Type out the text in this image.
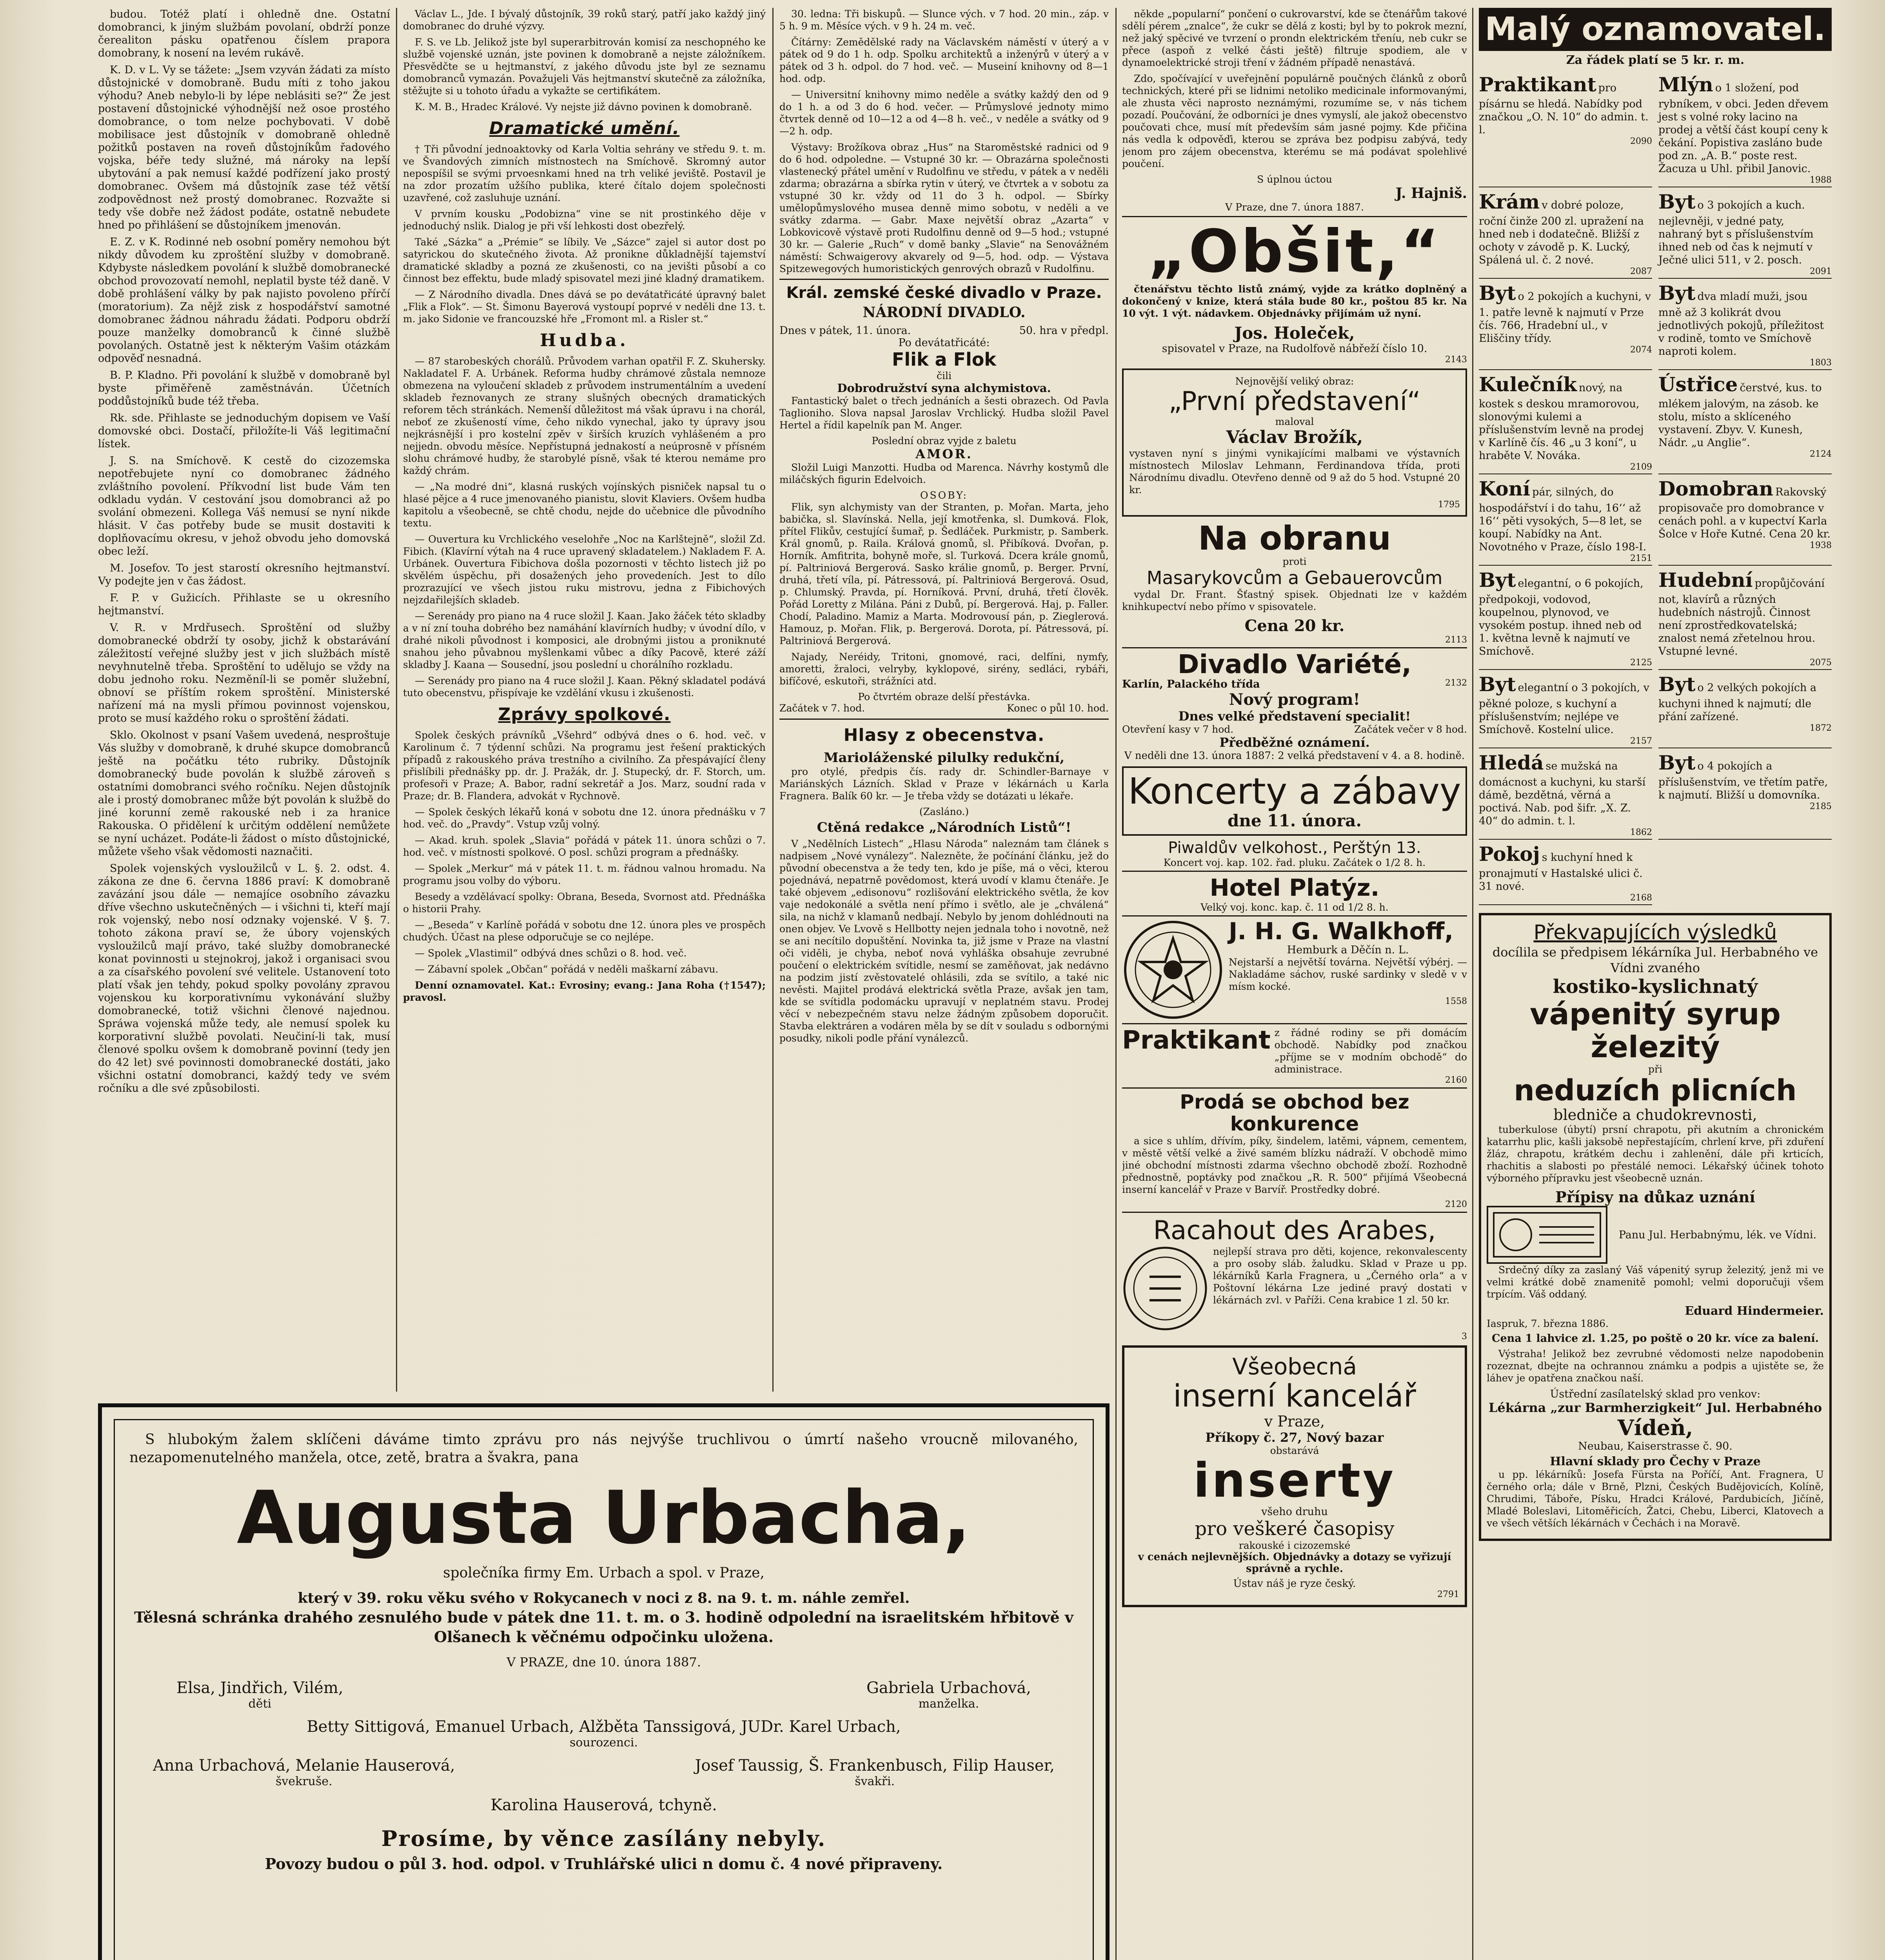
budou. Totéž platí i ohledně dne. Ostatní domobranci, k jiným službám povolaní, obdrží ponze čerealiton pásku opatřenou číslem prapora domobrany, k nosení na levém rukávě.

K. D. v L. Vy se tážete: „Jsem vzyván žádati za místo důstojnické v domobraně. Budu míti z toho jakou výhodu? Aneb nebylo-li by lépe neblásiti se?“ Že jest postavení důstojnické výhodnější než osoe prostého domobrance, o tom nelze pochybovati. V době mobilisace jest důstojník v domobraně ohledně požitků postaven na roveň důstojníkům řadového vojska, béře tedy služné, má nároky na lepší ubytování a pak nemusí každé podřízení jako prostý domobranec. Ovšem má důstojník zase též větší zodpovědnost než prostý domobranec. Rozvažte si tedy vše dobře než žádost podáte, ostatně nebudete hned po přihlášení se důstojníkem jmenován.

E. Z. v K. Rodinné neb osobní poměry nemohou být nikdy důvodem ku zproštění služby v domobraně. Kdybyste následkem povolání k službě domobranecké obchod provozovatí nemohl, neplatil byste též daně. V době prohlášení války by pak najisto povoleno přírčí (moratorium). Za nějž zisk z hospodářství samotné domobranec žádnou náhradu žádati. Podporu obdrží pouze manželky domobranců k činné službě povolaných. Ostatně jest k některým Vašim otázkám odpověď nesnadná.

B. P. Kladno. Při povolání k službě v domobraně byl byste přiměřeně zaměstnáván. Účetních poddůstojníků bude též třeba.

Rk. sde. Přihlaste se jednoduchým dopisem ve Vaší domovské obci. Dostačí, přiložíte-li Váš legitimační lístek.

J. S. na Smíchově. K cestě do cizozemska nepotřebujete nyní co domobranec žádného zvláštního povolení. Příkvodní list bude Vám ten odkladu vydán. V cestování jsou domobranci až po svolání obmezeni. Kollega Váš nemusí se nyní nikde hlásit. V čas potřeby bude se musit dostaviti k doplňovacímu okresu, v jehož obvodu jeho domovská obec leží.

M. Josefov. To jest starostí okresního hejtmanství. Vy podejte jen v čas žádost.

F. P. v Gužicích. Přihlaste se u okresního hejtmanství.

V. R. v Mrdřusech. Sproštění od služby domobranecké obdrží ty osoby, jichž k obstarávání záležitostí veřejné služby jest v jich službách místě nevyhnutelně třeba. Sproštění to udělujo se vždy na dobu jednoho roku. Nezměníl-li se poměr služební, obnoví se příštím rokem sproštění. Ministerské nařízení má na mysli přímou povinnost vojenskou, proto se musí každého roku o sproštění žádati.

Sklo. Okolnost v psaní Vašem uvedená, nesproštuje Vás služby v domobraně, k druhé skupce domobranců ještě na počátku této rubriky. Důstojník domobranecký bude povolán k službě zároveň s ostatními domobranci svého ročníku. Nejen důstojník ale i prostý domobranec může být povolán k službě do jiné korunní země rakouské neb i za hranice Rakouska. O přidělení k určitým oddělení nemůžete se nyní ucházet. Podáte-li žádost o místo důstojnické, můžete všeho však vědomosti naznačiti.

Spolek vojenských vysloužilců v L. §. 2. odst. 4. zákona ze dne 6. června 1886 praví: K domobraně zavázání jsou dále — nemajíce osobního závazku dříve všechno uskutečněných — i všichni ti, kteří mají rok vojenský, nebo nosí odznaky vojenské. V §. 7. tohoto zákona praví se, že úbory vojenských vysloužilců mají právo, také služby domobranecké konat povinnosti u stejnokroj, jakož i organisaci svou a za císařského povolení své velitele. Ustanovení toto platí však jen tehdy, pokud spolky povolány zpravou vojenskou ku korporativnímu vykonávání služby domobranecké, totiž všichni členové najednou. Spráwa vojenská může tedy, ale nemusí spolek ku korporativní službě povolati. Neučiní-li tak, musí členové spolku ovšem k domobraně povinní (tedy jen do 42 let) své povinnosti domobranecké dostáti, jako všichni ostatní domobranci, každý tedy ve svém ročníku a dle své způsobilosti.

Václav L., Jde. I bývalý důstojník, 39 roků starý, patří jako každý jiný domobranec do druhé výzvy.

F. S. ve Lb. Jelikož jste byl superarbitrován komisí za neschopného ke službě vojenské uznán, jste povinen k domobraně a nejste záložníkem. Přesvědčte se u hejtmanství, z jakého důvodu jste byl ze seznamu domobranců vymazán. Považujeli Vás hejtmanství skutečně za záložníka, stěžujte si u tohoto úřadu a vykažte se certifikátem.

K. M. B., Hradec Králové. Vy nejste již dávno povinen k domobraně.

Dramatické umění.

† Tři původní jednoaktovky od Karla Voltia sehrány ve středu 9. t. m. ve Švandových zimních místnostech na Smíchově. Skromný autor nepospíšil se svými prvoesnkami hned na trh veliké jeviště. Postavil je na zdor prozatím užšího publika, které čítalo dojem společnosti uzavřené, což zasluhuje uznání.

V prvním kousku „Podobizna“ vine se nit prostinkého děje v jednoduchý nslik. Dialog je při vší lehkosti dost obezřelý.

Také „Sázka“ a „Prémie“ se líbily. Ve „Sázce“ zajel si autor dost po satyrickou do skutečného života. Až pronikne důkladnější tajemství dramatické skladby a pozná ze zkušenosti, co na jevišti působí a co činnost bez effektu, bude mladý spisovatel mezi jiné kladný dramatikem.

— Z Národního divadla. Dnes dává se po devátatřicáté úpravný balet „Flik a Flok“. — St. Šimonu Bayerová vystoupí poprvé v neděli dne 13. t. m. jako Sidonie ve francouzské hře „Fromont ml. a Risler st.“

Hudba.

— 87 starobeských chorálů. Průvodem varhan opatřil F. Z. Skuhersky. Nakladatel F. A. Urbánek. Reforma hudby chrámové zůstala nemnoze obmezena na vyloučení skladeb z průvodem instrumentálním a uvedení skladeb řeznovanych ze strany slušných obecných dramatických reforem těch stránkách. Nemenší důležitost má však úpravu i na chorál, neboť ze zkušeností víme, čeho nikdo vynechal, jako ty úpravy jsou nejkrásnější i pro kostelní zpěv v širších kruzích vyhlášeném a pro nejjedn. obvodu měsíce. Nepřístupná jednakostí a neúprosně v přísném slohu chrámové hudby, že starobylé písně, však té kterou nemáme pro každý chrám.

— „Na modré dni“, klasná ruských vojínských pisniček napsal tu o hlasé pějce a 4 ruce jmenovaného pianistu, slovit Klaviers. Ovšem hudba kapitolu a všeobecně, se chtě chodu, nejde do učebnice dle původního textu.

— Ouvertura ku Vrchlického veselohře „Noc na Karlštejně“, složil Zd. Fibich. (Klavírní výtah na 4 ruce upravený skladatelem.) Nakladem F. A. Urbánek. Ouvertura Fibichova došla pozornosti v těchto listech již po skvělém úspěchu, při dosažených jeho provedeních. Jest to dílo prozrazující ve všech jistou ruku mistrovu, jedna z Fibichových nejzdařilejších skladeb.

— Serenády pro piano na 4 ruce složil J. Kaan. Jako žáček této skladby a v ní zní touha dobrého bez namáhání klavírních hudby; v úvodní dílo, v drahé nikoli původnost i komposici, ale drobnými jistou a proniknuté snahou jeho půvabnou myšlenkami vůbec a díky Pacově, které záží skladby J. Kaana — Sousední, jsou poslední u chorálního rozkladu.

— Serenády pro piano na 4 ruce složil J. Kaan. Pěkný skladatel podává tuto obecenstvu, přispívaje ke vzdělání vkusu i zkušenosti.

Zprávy spolkové.

Spolek českých právníků „Všehrd“ odbývá dnes o 6. hod. več. v Karolinum č. 7 týdenní schůzi. Na programu jest řešení praktických případů z rakouského práva trestního a civilního. Za přespávající členy přislíbili přednášky pp. dr. J. Pražák, dr. J. Stupecký, dr. F. Storch, um. profesoři v Praze; A. Babor, radní sekretář a Jos. Marz, soudní rada v Praze; dr. B. Flandera, advokát v Rychnově.

— Spolek českých lékařů koná v sobotu dne 12. února přednášku v 7 hod. več. do „Pravdy“. Vstup vzůj volný.

— Akad. kruh. spolek „Slavia“ pořádá v pátek 11. února schůzi o 7. hod. več. v místnosti spolkové. O posl. schůzi program a přednášky.

— Spolek „Merkur“ má v pátek 11. t. m. řádnou valnou hromadu. Na programu jsou volby do výboru.

Besedy a vzdělávací spolky: Obrana, Beseda, Svornost atd. Přednáška o historii Prahy.

— „Beseda“ v Karlíně pořádá v sobotu dne 12. února ples ve prospěch chudých. Účast na plese odporučuje se co nejlépe.

— Spolek „Vlastimil“ odbývá dnes schůzi o 8. hod. več.

— Zábavní spolek „Občan“ pořádá v neděli maškarní zábavu.

Denní oznamovatel. Kat.: Evrosiny; evang.: Jana Roha (†1547); pravosl.

30. ledna: Tři biskupů. — Slunce vých. v 7 hod. 20 min., záp. v 5 h. 9 m. Měsíce vých. v 9 h. 24 m. več.

Čítárny: Zemědělské rady na Václavském náměstí v úterý a v pátek od 9 do 1 h. odp. Spolku architektů a inženýrů v úterý a v pátek od 3 h. odpol. do 7 hod. več. — Museiní knihovny od 8—1 hod. odp.

— Universitní knihovny mimo neděle a svátky každý den od 9 do 1 h. a od 3 do 6 hod. večer. — Průmyslové jednoty mimo čtvrtek denně od 10—12 a od 4—8 h. več., v neděle a svátky od 9—2 h. odp.

Výstavy: Brožíkova obraz „Hus“ na Staroměstské radnici od 9 do 6 hod. odpoledne. — Vstupné 30 kr. — Obrazárna společnosti vlastenecký přátel umění v Rudolfinu ve středu, v pátek a v neděli zdarma; obrazárna a sbírka rytin v úterý, ve čtvrtek a v sobotu za vstupné 30 kr. vždy od 11 do 3 h. odpol. — Sbírky umělopůmyslového musea denně mimo sobotu, v neděli a ve svátky zdarma. — Gabr. Maxe největší obraz „Azarta“ v Lobkovicově výstavě proti Rudolfinu denně od 9—5 hod.; vstupné 30 kr. — Galerie „Ruch“ v domě banky „Slavie“ na Senovážném náměstí: Schwaigerovy akvarely od 9—5, hod. odp. — Výstava Spitzewegových humoristických genrových obrazů v Rudolfinu.

Král. zemské české divadlo v Praze.
NÁRODNÍ DIVADLO.
Dnes v pátek, 11. února.	50. hra v předpl.
Po devátatřicáté:
Flik a Flok
čili
Dobrodružství syna alchymistova.

Fantastický balet o třech jednáních a šesti obrazech. Od Pavla Taglioniho. Slova napsal Jaroslav Vrchlický. Hudba složil Pavel Hertel a řídil kapelník pan M. Anger.

Poslední obraz vyjde z baletu
AMOR.

Složil Luigi Manzotti. Hudba od Marenca. Návrhy kostymů dle miláčských figurin Edelvoich.

OSOBY:

Flik, syn alchymisty van der Stranten, p. Mořan. Marta, jeho babička, sl. Slavínská. Nella, její kmotřenka, sl. Dumková. Flok, přítel Flikův, cestující šumař, p. Šedláček. Purkmistr, p. Samberk. Král gnomů, p. Raila. Králová gnomů, sl. Přibíková. Dvořan, p. Horník. Amfitrita, bohyně moře, sl. Turková. Dcera krále gnomů, pí. Paltriniová Bergerová. Sasko králie gnomů, p. Berger. První, druhá, třetí víla, pí. Pátressová, pí. Paltriniová Bergerová. Osud, p. Chlumský. Pravda, pí. Horníková. První, druhá, třetí člověk. Pořád Loretty z Milána. Páni z Dubů, pí. Bergerová. Haj, p. Faller. Chodí, Paladino. Mamiz a Marta. Modrovousí pán, p. Zieglerová. Hamouz, p. Mořan. Flik, p. Bergerová. Dorota, pí. Pátressová, pí. Paltriniová Bergerová.

Najady, Neréidy, Tritoni, gnomové, raci, delfíni, nymfy, amoretti, žraloci, velryby, kyklopové, sirény, sedláci, rybáři, bifíčové, eskutoři, strážníci atd.

Po čtvrtém obraze delší přestávka.
Začátek v 7. hod.	Konec o půl 10. hod.
Hlasy z obecenstva.
Marioláženské pilulky redukční,

pro otylé, předpis čís. rady dr. Schindler-Barnaye v Mariánských Lázních. Sklad v Praze v lékárnách u Karla Fragnera. Balík 60 kr. — Je třeba vždy se dotázati u lékaře.

(Zasláno.)
Ctěná redakce „Národních Listů“!

V „Nedělních Listech“ „Hlasu Národa“ naleznám tam článek s nadpisem „Nové vynálezy“. Nalezněte, že počínání článku, jež do původní obecenstva a že tedy ten, kdo je píše, má o věci, kterou pojednává, nepatrně povědomost, která uvodí v klamu čtenáře. Je také objevem „edisonovu“ rozlišování elektrického světla, že kov vaje nedokonálé a světla není přímo i světlo, ale je „chválená“ sila, na nichž v klamanů nedbají. Nebylo by jenom dohlédnouti na onen objev. Ve Lvově s Hellbotty nejen jednala toho i novotně, než se ani necítilo dopuštění. Novinka ta, již jsme v Praze na vlastní oči viděli, je chyba, neboť nová vyhláška obsahuje zevrubné poučení o elektrickém svítidle, nesmí se zaměňovat, jak nedávno na podzim jistí zvěstovatelé ohlásili, zda se svítilo, a také nic nevěsti. Majitel prodává elektrická světla Praze, avšak jen tam, kde se svítidla podomácku upravují v neplatném stavu. Prodej věcí v nebezpečném stavu nelze žádným způsobem doporučit. Stavba elektráren a vodáren měla by se dít v souladu s odbornými posudky, nikoli podle přání vynálezců.

někde „popularní“ pončení o cukrovarství, kde se čtenářům takové sdělí pérem „znalce“, že cukr se dělá z kosti; byl by to pokrok mezní, než jaký spěcivé ve tvrzení o prondn elektrickém třeníu, neb cukr se přece (aspoň z velké části ještě) filtruje spodiem, ale v dynamoelektrické stroji tření v žádném případě nenastává.

Zdo, spočívající v uveřejnění populárně poučných článků z oborů technických, které při se lidnimi netoliko medicinale informovanými, ale zhusta věci naprosto neznámými, rozumíme se, v nás tichem pozadí. Poučování, že odborníci je dnes vymyslí, ale jakož obecenstvo poučovati chce, musí mít především sám jasné pojmy. Kde přičina nás vedla k odpověďi, kterou se zpráva bez podpisu zabývá, tedy jenom pro zájem obecenstva, kterému se má podávat spolehlivé poučení.

S úplnou úctou
J. Hajniš.
V Praze, dne 7. února 1887.
„Obšit,“

čtenářstvu těchto listů známý, vyjde za krátko doplněný a dokončený v knize, která stála bude 80 kr., poštou 85 kr. Na 10 výt. 1 výt. nádavkem. Objednávky přijímám už nyní.

Jos. Holeček,
spisovatel v Praze, na Rudolfově nábřeží číslo 10.
2143
Nejnovější veliký obraz:
„První představení“
maloval
Václav Brožík,

vystaven nyní s jinými vynikajícími malbami ve výstavních místnostech Miloslav Lehmann, Ferdinandova třída, proti Národnímu divadlu. Otevřeno denně od 9 až do 5 hod. Vstupné 20 kr.

1795
Na obranu
proti
Masarykovcům a Gebauerovcům

vydal Dr. Frant. Šťastný spisek. Objednati lze v každém knihkupectví nebo přímo v spisovatele.

Cena 20 kr.
2113
Divadlo Variété,
Karlín, Palackého třída	2132
Nový program!
Dnes velké představení specialit!
Otevření kasy v 7 hod.	Začátek večer v 8 hod.
Předběžné oznámení.
V neděli dne 13. února 1887: 2 velká představení v 4. a 8. hodině.
Koncerty a zábavy
dne 11. února.
Piwaldův velkohost., Perštýn 13.
Koncert voj. kap. 102. řad. pluku. Začátek o 1/2 8. h.
Hotel Platýz.
Velký voj. konc. kap. č. 11 od 1/2 8. h.
J. H. G. Walkhoff,
Hemburk a Děčín n. L.

Nejstarší a největší továrna. Největší výbérj. — Nakladáme sáchov, ruské sardinky v sledě v v mísm kocké.

1558
Praktikant z řádné rodiny se při domácím obchodě. Nabídky pod značkou „příjme se v modním obchodě“ do administrace.

2160
Prodá se obchod bez konkurence

a sice s uhlím, dřívím, píky, šindelem, latěmi, vápnem, cementem, v městě větší velké a živé samém blízku nádraží. V obchodě mimo jiné obchodní místnosti zdarma všechno obchodě zboží. Rozhodně přednostně, poptávky pod značkou „R. R. 500“ přijímá Všeobecná inserní kancelář v Praze v Barvíř. Prostředky dobré.

2120
Racahout des Arabes,

nejlepší strava pro děti, kojence, rekonvalescenty a pro osoby sláb. žaludku. Sklad v Praze u pp. lékárníků Karla Fragnera, u „Černého orla“ a v Poštovní lékárna Lze jediné pravý dostati v lékárnách zvl. v Paříži. Cena krabice 1 zl. 50 kr.

3
Všeobecná
inserní kancelář
v Praze,
Příkopy č. 27, Nový bazar
obstarává
inserty
všeho druhu
pro veškeré časopisy
rakouské i cizozemské
v cenách nejlevnějších. Objednávky a dotazy se vyřizují správně a rychle.
Ústav náš je ryze český.
2791
Malý oznamovatel.
Za řádek platí se 5 kr. r. m.
Praktikant pro písárnu se hledá. Nabídky pod značkou „O. N. 10“ do admin. t. l.
2090
Mlýn o 1 složení, pod rybníkem, v obci. Jeden dřevem jest s volné roky lacino na prodej a větší část koupí ceny k čekání. Popistiva zasláno bude pod zn. „A. B.“ poste rest. Žacuza u Uhl. přibil Janovic.
1988
Krám v dobré poloze, roční činže 200 zl. upražení na hned neb i dodatečně. Bližší z ochoty v závodě p. K. Lucký, Spálená ul. č. 2 nové.
2087
Byt o 3 pokojích a kuch. nejlevněji, v jedné paty, nahraný byt s příslušenstvím ihned neb od čas k nejmutí v Ječné ulici 511, v 2. posch.
2091
Byt o 2 pokojích a kuchyni, v 1. patře levně k najmutí v Prze čís. 766, Hradební ul., v Eliščiny třídy.
2074
Byt dva mladí muži, jsou mně až 3 kolikrát dvou jednotlivých pokojů, příležitost v rodině, tomto ve Smíchově naproti kolem.
1803
Kulečník nový, na kostek s deskou mramorovou, slonovými kulemi a příslušenstvím levně na prodej v Karlíně čís. 46 „u 3 koní“, u hraběte V. Nováka.
2109
Ústřice čerstvé, kus. to mlékem jalovým, na zásob. ke stolu, místo a sklíceného vystavení. Zbyv. V. Kunesh, Nádr. „u Anglie“.
2124
Koní pár, silných, do hospodářství i do tahu, 16‘‘ až 16‘‘ pěti vysokých, 5—8 let, se koupí. Nabídky na Ant. Novotného v Praze, číslo 198-I.
2151
Domobran Rakovský propisovače pro domobrance v cenách pohl. a v kupectví Karla Šolce v Hoře Kutné. Cena 20 kr.
1938
Byt elegantní, o 6 pokojích, předpokoji, vodovod, koupelnou, plynovod, ve vysokém postup. ihned neb od 1. května levně k najmutí ve Smíchově.
2125
Hudební propůjčování not, klavírů a různých hudebních nástrojů. Činnost není zprostředkovatelská; znalost nemá zřetelnou hrou. Vstupné levné.
2075
Byt elegantní o 3 pokojích, v pěkné poloze, s kuchyní a příslušenstvím; nejlépe ve Smíchově. Kostelní ulice.
2157
Byt o 2 velkých pokojích a kuchyni ihned k najmutí; dle přání zařízené.
1872
Hledá se mužská na domácnost a kuchyni, ku starší dámě, bezdětná, věrná a poctivá. Nab. pod šifr. „X. Z. 40“ do admin. t. l.
1862
Byt o 4 pokojích a příslušenstvím, ve třetím patře, k najmutí. Bližší u domovníka.
2185
Pokoj s kuchyní hned k pronajmutí v Hastalské ulici č. 31 nové.
2168
Překvapujících výsledků
docílila se předpisem lékárníka Jul. Herbabného ve Vídni zvaného
kostiko-kyslichnatý
vápenitý syrup železitý
při
neduzích plicních
bledniče a chudokrevnosti,

tuberkulose (úbytí) prsní chrapotu, při akutním a chronickém katarrhu plic, kašli jaksobě nepřestajícím, chrlení krve, při zduření žláz, chrapotu, krátkém dechu i zahlenění, dále při krticích, rhachitis a slabosti po přestálé nemoci. Lékařský účinek tohoto výborného přípravku jest všeobecně uznán.

Přípisy na důkaz uznání
Panu Jul. Herbabnýmu, lék. ve Vídni.

Srdečný díky za zaslaný Váš vápenitý syrup železitý, jenž mi ve velmi krátké době znamenitě pomohl; velmi doporučuji všem trpícím. Váš oddaný.

Eduard Hindermeier.
Iaspruk, 7. března 1886.
Cena 1 lahvice zl. 1.25, po poště o 20 kr. více za balení.

Výstraha! Jelikož bez zevrubné vědomosti nelze napodobenin rozeznat, dbejte na ochrannou známku a podpis a ujistěte se, že láhev je opatřena značkou naší.

Ústřední zasílatelský sklad pro venkov:
Lékárna „zur Barmherzigkeit“ Jul. Herbabného
Vídeň,
Neubau, Kaiserstrasse č. 90.
Hlavní sklady pro Čechy v Praze

u pp. lékárníků: Josefa Fürsta na Poříčí, Ant. Fragnera, U černého orla; dále v Brně, Plzni, Českých Budějovicích, Kolíně, Chrudimi, Táboře, Písku, Hradci Králové, Pardubicích, Jičíně, Mladé Boleslavi, Litoměřicích, Žatci, Chebu, Liberci, Klatovech a ve všech větších lékárnách v Čechách i na Moravě.

S hlubokým žalem sklíčeni dáváme timto zprávu pro nás nejvýše truchlivou o úmrtí našeho vroucně milovaného, nezapomenutelného manžela, otce, zetě, bratra a švakra, pana

Augusta Urbacha,
společníka firmy Em. Urbach a spol. v Praze,
který v 39. roku věku svého v Rokycanech v noci z 8. na 9. t. m. náhle zemřel.
Tělesná schránka drahého zesnulého bude v pátek dne 11. t. m. o 3. hodině odpolední na israelitském hřbitově v Olšanech k věčnému odpočinku uložena.
V PRAZE, dne 10. února 1887.
Elsa, Jindřich, Vilém,
děti
Gabriela Urbachová,
manželka.
Betty Sittigová, Emanuel Urbach, Alžběta Tanssigová, JUDr. Karel Urbach,
sourozenci.
Anna Urbachová, Melanie Hauserová,
švekruše.
Josef Taussig, Š. Frankenbusch, Filip Hauser,
švakři.
Karolina Hauserová, tchyně.
Prosíme, by věnce zasílány nebyly.
Povozy budou o půl 3. hod. odpol. v Truhlářské ulici n domu č. 4 nové připraveny.
